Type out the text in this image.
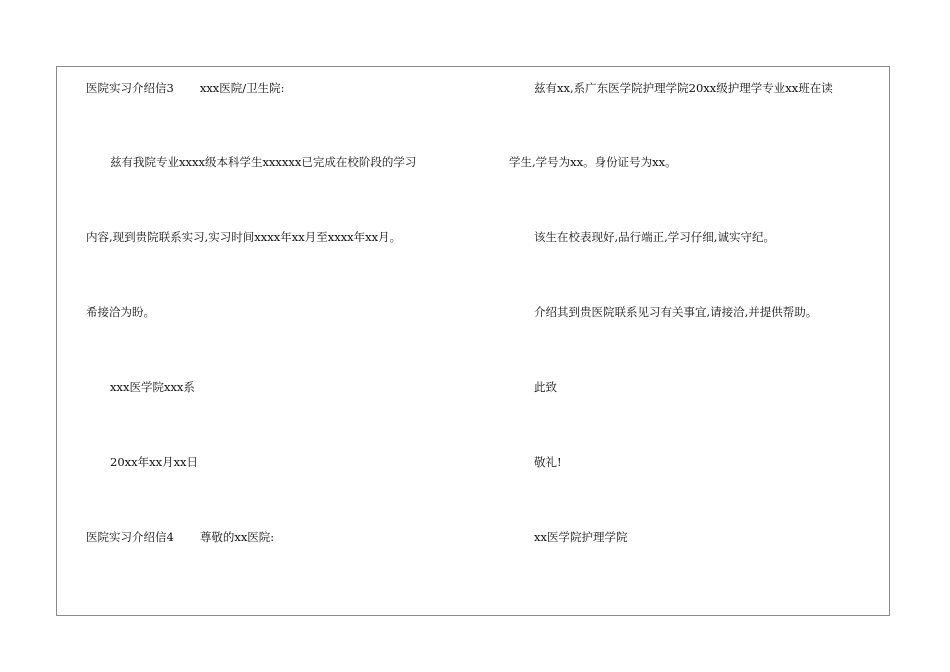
医院实习介绍信3 xxx医院/卫生院:
兹有我院专业xxxx级本科学生xxxxxx已完成在校阶段的学习
内容,现到贵院联系实习,实习时间xxxx年xx月至xxxx年xx月。
希接洽为盼。
xxx医学院xxx系
20xx年xx月xx日
医院实习介绍信4 尊敬的xx医院:
兹有xx,系广东医学院护理学院20xx级护理学专业xx班在读
学生,学号为xx。身份证号为xx。
该生在校表现好,品行端正,学习仔细,诚实守纪。
介绍其到贵医院联系见习有关事宜,请接洽,并提供帮助。
此致
敬礼!
xx医学院护理学院
